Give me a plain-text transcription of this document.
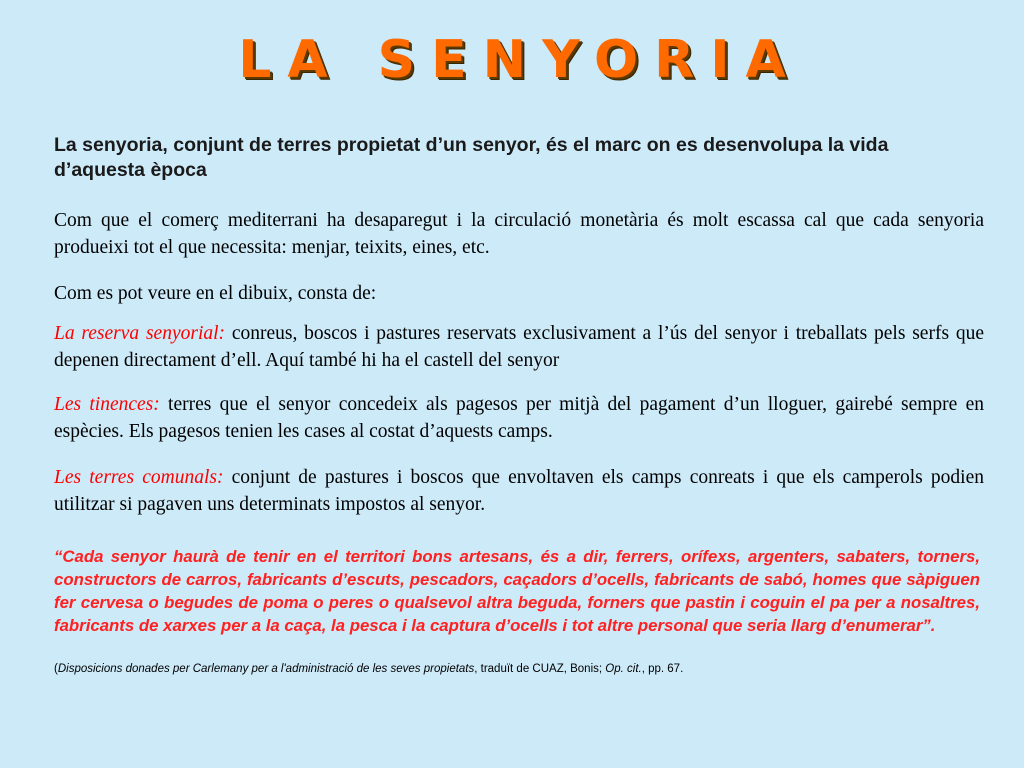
LA SENYORIA

La senyoria, conjunt de terres propietat d’un senyor, és el marc on es desenvolupa la vida d’aquesta època

Com que el comerç mediterrani ha desaparegut i la circulació monetària és molt escassa cal que cada senyoria produeixi tot el que necessita: menjar, teixits, eines, etc.

Com es pot veure en el dibuix, consta de:

La reserva senyorial: conreus, boscos i pastures reservats exclusivament a l’ús del senyor i treballats pels serfs que depenen directament d’ell. Aquí també hi ha el castell del senyor

Les tinences: terres que el senyor concedeix als pagesos per mitjà del pagament d’un lloguer, gairebé sempre en espècies. Els pagesos tenien les cases al costat d’aquests camps.

Les terres comunals: conjunt de pastures i boscos que envoltaven els camps conreats i que els camperols podien utilitzar si pagaven uns determinats impostos al senyor.

“Cada senyor haurà de tenir en el territori bons artesans, és a dir, ferrers, orífexs, argenters, sabaters, torners, constructors de carros, fabricants d’escuts, pescadors, caçadors d’ocells, fabricants de sabó, homes que sàpiguen fer cervesa o begudes de poma o peres o qualsevol altra beguda, forners que pastin i coguin el pa per a nosaltres, fabricants de xarxes per a la caça, la pesca i la captura d’ocells i tot altre personal que seria llarg d’enumerar”.

(Disposicions donades per Carlemany per a l'administració de les seves propietats, traduït de CUAZ, Bonis; Op. cit., pp. 67.
